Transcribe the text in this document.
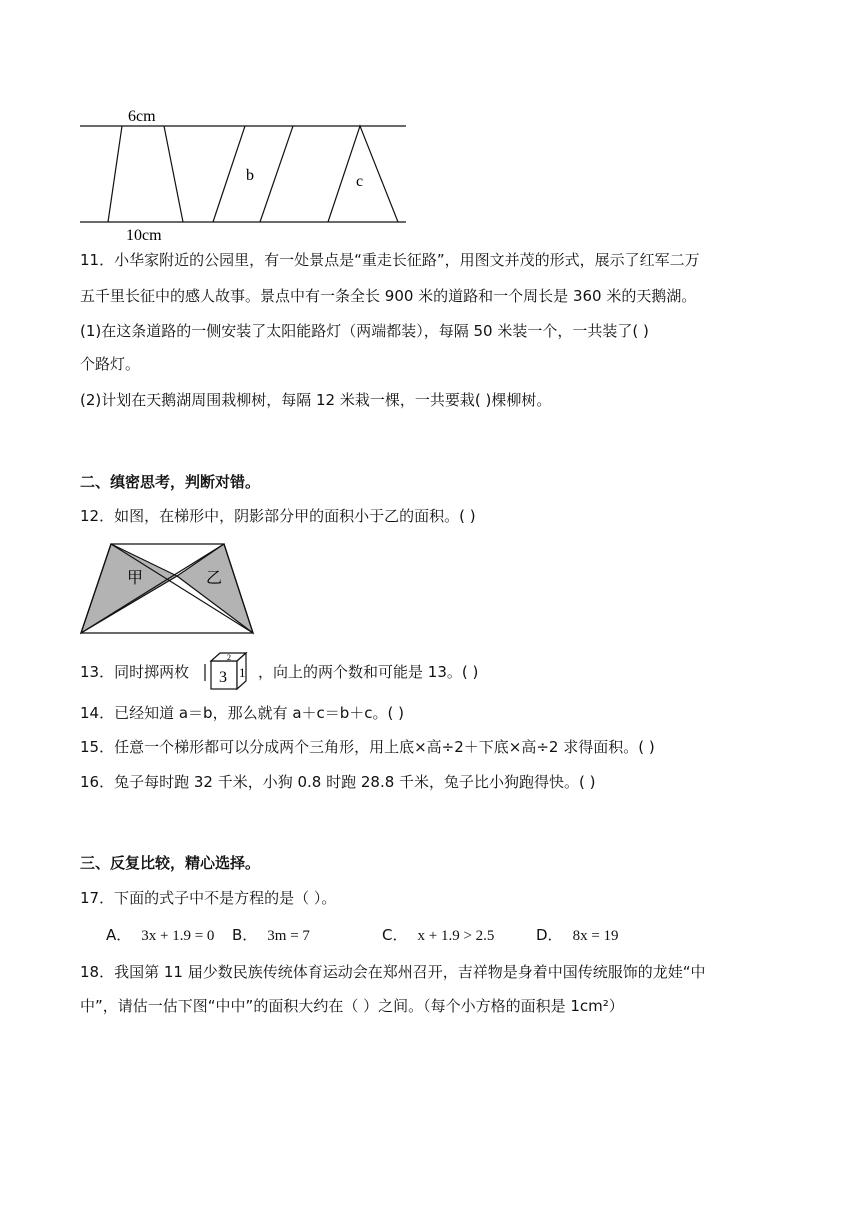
6cm
10cm
b	c
11．小华家附近的公园里，有一处景点是“重走长征路”，用图文并茂的形式，展示了红军二万
五千里长征中的感人故事。景点中有一条全长 900 米的道路和一个周长是 360 米的天鹅湖。
(1)在这条道路的一侧安装了太阳能路灯（两端都装），每隔 50 米装一个，一共装了( )
个路灯。
(2)计划在天鹅湖周围栽柳树，每隔 12 米栽一棵，一共要栽( )棵柳树。
二、缜密思考，判断对错。
12．如图，在梯形中，阴影部分甲的面积小于乙的面积。( )
甲	乙
13．同时掷两枚 3 1
2
，向上的两个数和可能是 13。( )
14．已经知道 a＝b，那么就有 a＋c＝b＋c。( )
15．任意一个梯形都可以分成两个三角形，用上底×高÷2＋下底×高÷2 求得面积。( )
16．兔子每时跑 32 千米，小狗 0.8 时跑 28.8 千米，兔子比小狗跑得快。( )
三、反复比较，精心选择。
17．下面的式子中不是方程的是（ ）。
A． 3x + 1.9 = 0 B． 3m = 7	C． x + 1.9 > 2.5	D． 8x = 19
18．我国第 11 届少数民族传统体育运动会在郑州召开，吉祥物是身着中国传统服饰的龙娃“中
中”，请估一估下图“中中”的面积大约在（ ）之间。（每个小方格的面积是 1cm²）
